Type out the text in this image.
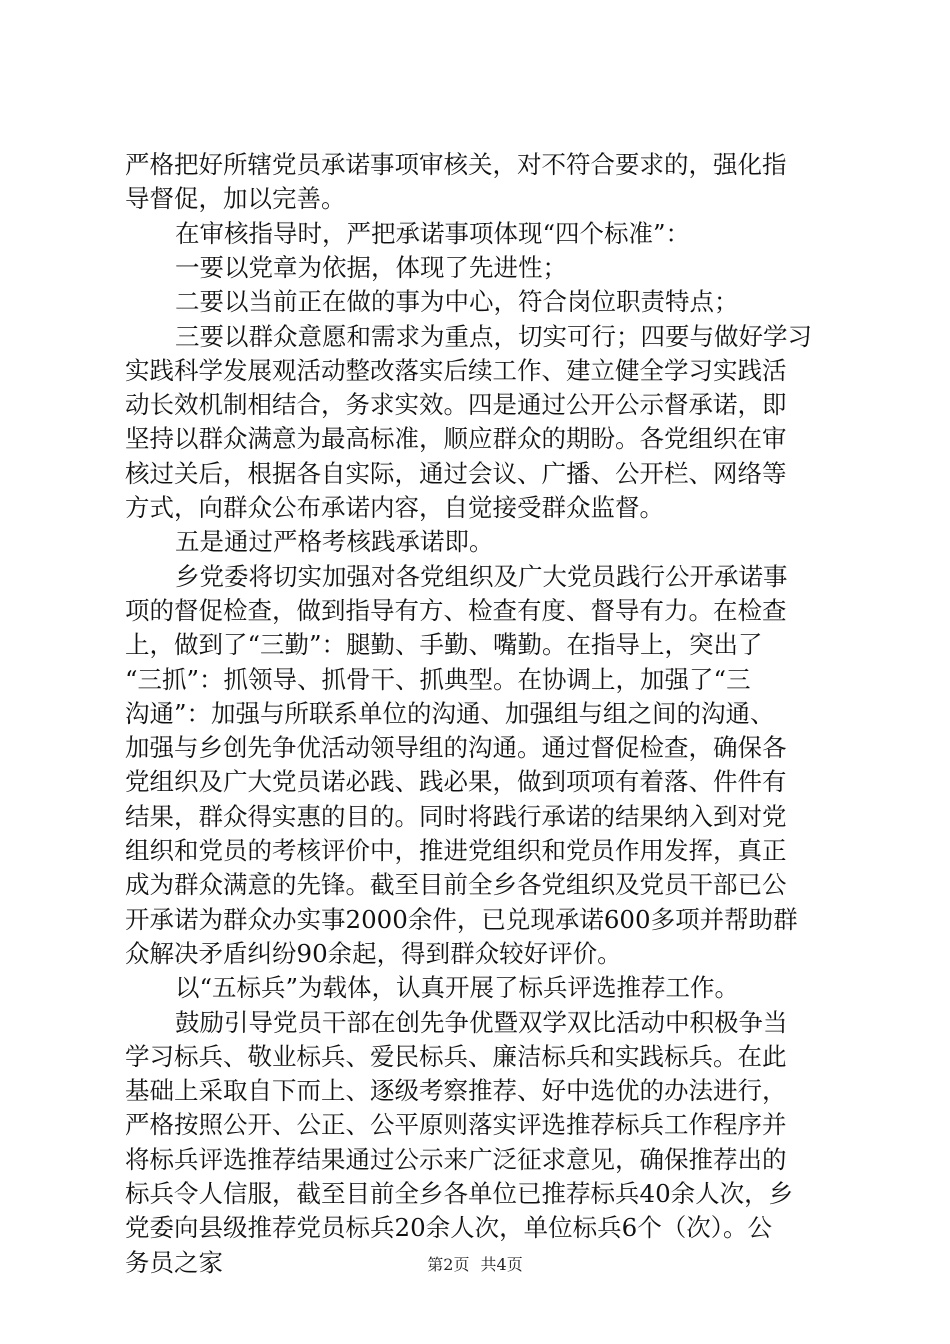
严格把好所辖党员承诺事项审核关，对不符合要求的，强化指
导督促，加以完善。
在审核指导时，严把承诺事项体现“四个标准”：
一要以党章为依据，体现了先进性；
二要以当前正在做的事为中心，符合岗位职责特点；
三要以群众意愿和需求为重点，切实可行；四要与做好学习
实践科学发展观活动整改落实后续工作、建立健全学习实践活
动长效机制相结合，务求实效。四是通过公开公示督承诺，即
坚持以群众满意为最高标准，顺应群众的期盼。各党组织在审
核过关后，根据各自实际，通过会议、广播、公开栏、网络等
方式，向群众公布承诺内容，自觉接受群众监督。
五是通过严格考核践承诺即。
乡党委将切实加强对各党组织及广大党员践行公开承诺事
项的督促检查，做到指导有方、检查有度、督导有力。在检查
上，做到了“三勤”：腿勤、手勤、嘴勤。在指导上，突出了
“三抓”：抓领导、抓骨干、抓典型。在协调上，加强了“三
沟通”：加强与所联系单位的沟通、加强组与组之间的沟通、
加强与乡创先争优活动领导组的沟通。通过督促检查，确保各
党组织及广大党员诺必践、践必果，做到项项有着落、件件有
结果，群众得实惠的目的。同时将践行承诺的结果纳入到对党
组织和党员的考核评价中，推进党组织和党员作用发挥，真正
成为群众满意的先锋。截至目前全乡各党组织及党员干部已公
开承诺为群众办实事2000余件，已兑现承诺600多项并帮助群
众解决矛盾纠纷90余起，得到群众较好评价。
以“五标兵”为载体，认真开展了标兵评选推荐工作。
鼓励引导党员干部在创先争优暨双学双比活动中积极争当
学习标兵、敬业标兵、爱民标兵、廉洁标兵和实践标兵。在此
基础上采取自下而上、逐级考察推荐、好中选优的办法进行，
严格按照公开、公正、公平原则落实评选推荐标兵工作程序并
将标兵评选推荐结果通过公示来广泛征求意见，确保推荐出的
标兵令人信服，截至目前全乡各单位已推荐标兵40余人次，乡
党委向县级推荐党员标兵20余人次，单位标兵6个（次）。公
务员之家	第2页 共4页
